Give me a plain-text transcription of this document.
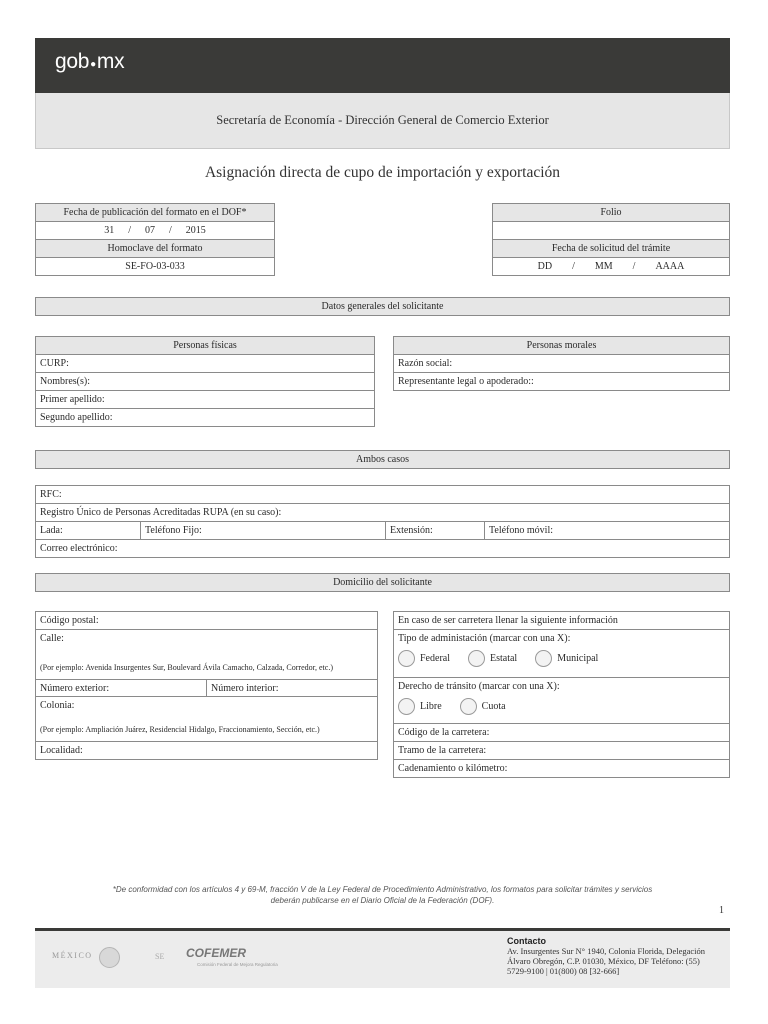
gob●mx
Secretaría de Economía - Dirección General de Comercio Exterior
Asignación directa de cupo de importación y exportación
Fecha de publicación del formato en el DOF*
31 / 07 / 2015
Homoclave del formato
SE-FO-03-033
Folio
Fecha de solicitud del trámite
DD / MM / AAAA
Datos generales del solicitante
Personas físicas
CURP:
Nombres(s):
Primer apellido:
Segundo apellido:
Personas morales
Razón social:
Representante legal o apoderado::
Ambos casos
RFC:
Registro Único de Personas Acreditadas RUPA (en su caso):
Lada:	Teléfono Fijo:	Extensión:	Teléfono móvil:
Correo electrónico:
Domicilio del solicitante
Código postal:
Calle:
(Por ejemplo: Avenida Insurgentes Sur, Boulevard Ávila Camacho, Calzada, Corredor, etc.)
Número exterior:	Número interior:
Colonia:
(Por ejemplo: Ampliación Juárez, Residencial Hidalgo, Fraccionamiento, Sección, etc.)
Localidad:
En caso de ser carretera llenar la siguiente información
Tipo de administación (marcar con una X):
Federal	Estatal	Municipal
Derecho de tránsito (marcar con una X):
Libre	Cuota
Código de la carretera:
Tramo de la carretera:
Cadenamiento o kilómetro:
*De conformidad con los artículos 4 y 69-M, fracción V de la Ley Federal de Procedimiento Administrativo, los formatos para solicitar trámites y servicios
deberán publicarse en el Diario Oficial de la Federación (DOF).
1
MÉXICO	SE COFEMER
Comisión Federal de Mejora Regulatoria
Contacto
Av. Insurgentes Sur N° 1940, Colonia Florida, Delegación
Álvaro Obregón, C.P. 01030, México, DF Teléfono: (55)
5729-9100 | 01(800) 08 [32-666]
